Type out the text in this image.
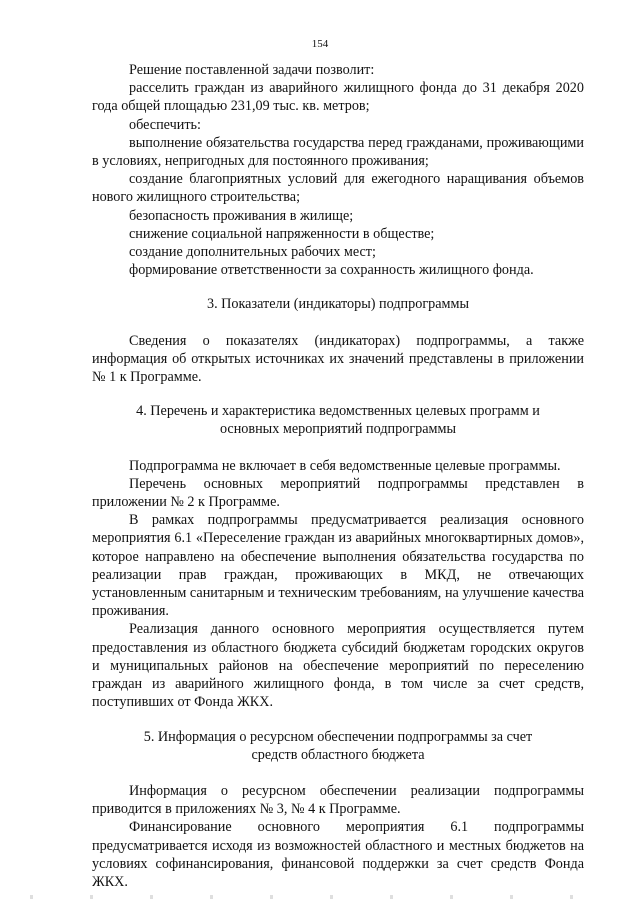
154

Решение поставленной задачи позволит:

расселить граждан из аварийного жилищного фонда до 31 декабря 2020 года общей площадью 231,09 тыс. кв. метров;

обеспечить:

выполнение обязательства государства перед гражданами, проживающими в условиях, непригодных для постоянного проживания;

создание благоприятных условий для ежегодного наращивания объемов нового жилищного строительства;

безопасность проживания в жилище;

снижение социальной напряженности в обществе;

создание дополнительных рабочих мест;

формирование ответственности за сохранность жилищного фонда.

3. Показатели (индикаторы) подпрограммы

Сведения о показателях (индикаторах) подпрограммы, а также информация об открытых источниках их значений представлены в приложении № 1 к Программе.

4. Перечень и характеристика ведомственных целевых программ и
основных мероприятий подпрограммы

Подпрограмма не включает в себя ведомственные целевые программы.

Перечень основных мероприятий подпрограммы представлен в приложении № 2 к Программе.

В рамках подпрограммы предусматривается реализация основного мероприятия 6.1 «Переселение граждан из аварийных многоквартирных домов», которое направлено на обеспечение выполнения обязательства государства по реализации прав граждан, проживающих в МКД, не отвечающих установленным санитарным и техническим требованиям, на улучшение качества проживания.

Реализация данного основного мероприятия осуществляется путем предоставления из областного бюджета субсидий бюджетам городских округов и муниципальных районов на обеспечение мероприятий по переселению граждан из аварийного жилищного фонда, в том числе за счет средств, поступивших от Фонда ЖКХ.

5. Информация о ресурсном обеспечении подпрограммы за счет
средств областного бюджета

Информация о ресурсном обеспечении реализации подпрограммы приводится в приложениях № 3, № 4 к Программе.

Финансирование основного мероприятия 6.1 подпрограммы предусматривается исходя из возможностей областного и местных бюджетов на условиях софинансирования, финансовой поддержки за счет средств Фонда ЖКХ.
